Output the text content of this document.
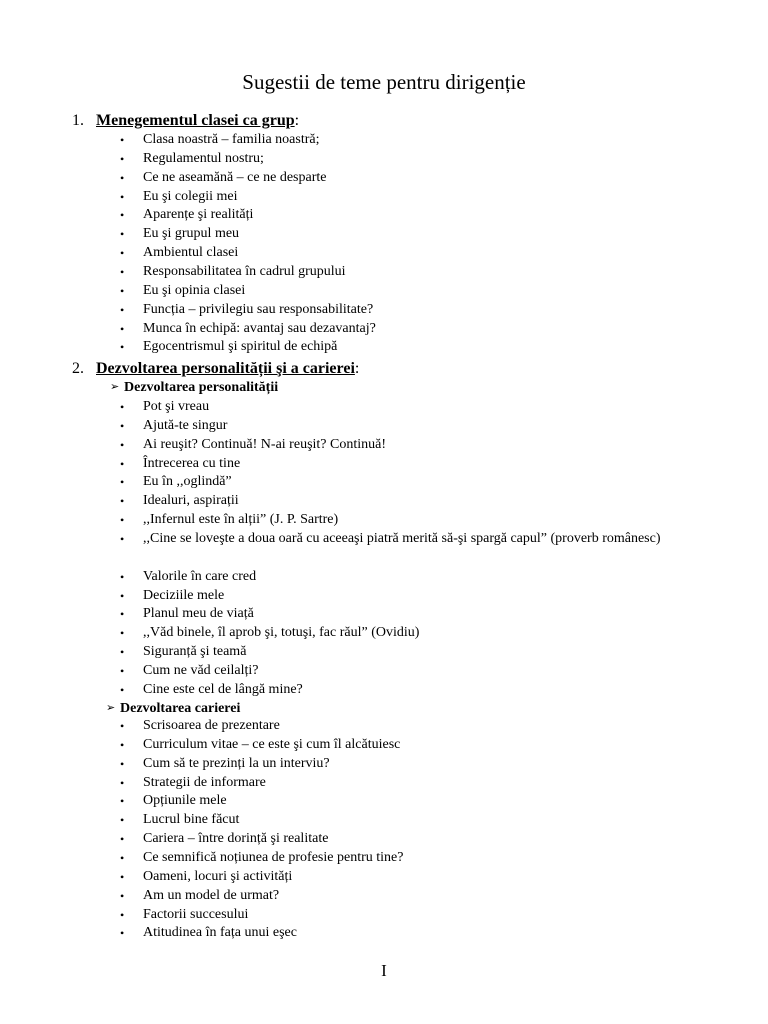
Sugestii de teme pentru dirigenție
1. Menegementul clasei ca grup:
• Clasa noastră – familia noastră;
• Regulamentul nostru;
• Ce ne aseamănă – ce ne desparte
• Eu şi colegii mei
• Aparențe şi realități
• Eu şi grupul meu
• Ambientul clasei
• Responsabilitatea în cadrul grupului
• Eu şi opinia clasei
• Funcția – privilegiu sau responsabilitate?
• Munca în echipă: avantaj sau dezavantaj?
• Egocentrismul şi spiritul de echipă
2. Dezvoltarea personalității şi a carierei:
➢ Dezvoltarea personalității
• Pot şi vreau
• Ajută-te singur
• Ai reuşit? Continuă! N-ai reuşit? Continuă!
• Întrecerea cu tine
• Eu în ,,oglindă”
• Idealuri, aspirații
• ,,Infernul este în alții” (J. P. Sartre)
• ,,Cine se loveşte a doua oară cu aceeaşi piatră merită să-şi spargă capul” (proverb românesc)
• Valorile în care cred
• Deciziile mele
• Planul meu de viață
• ,,Văd binele, îl aprob şi, totuşi, fac răul” (Ovidiu)
• Siguranță şi teamă
• Cum ne văd ceilalți?
• Cine este cel de lângă mine?
➢ Dezvoltarea carierei
• Scrisoarea de prezentare
• Curriculum vitae – ce este şi cum îl alcătuiesc
• Cum să te prezinți la un interviu?
• Strategii de informare
• Opțiunile mele
• Lucrul bine făcut
• Cariera – între dorință şi realitate
• Ce semnifică noțiunea de profesie pentru tine?
• Oameni, locuri şi activități
• Am un model de urmat?
• Factorii succesului
• Atitudinea în fața unui eşec
I
